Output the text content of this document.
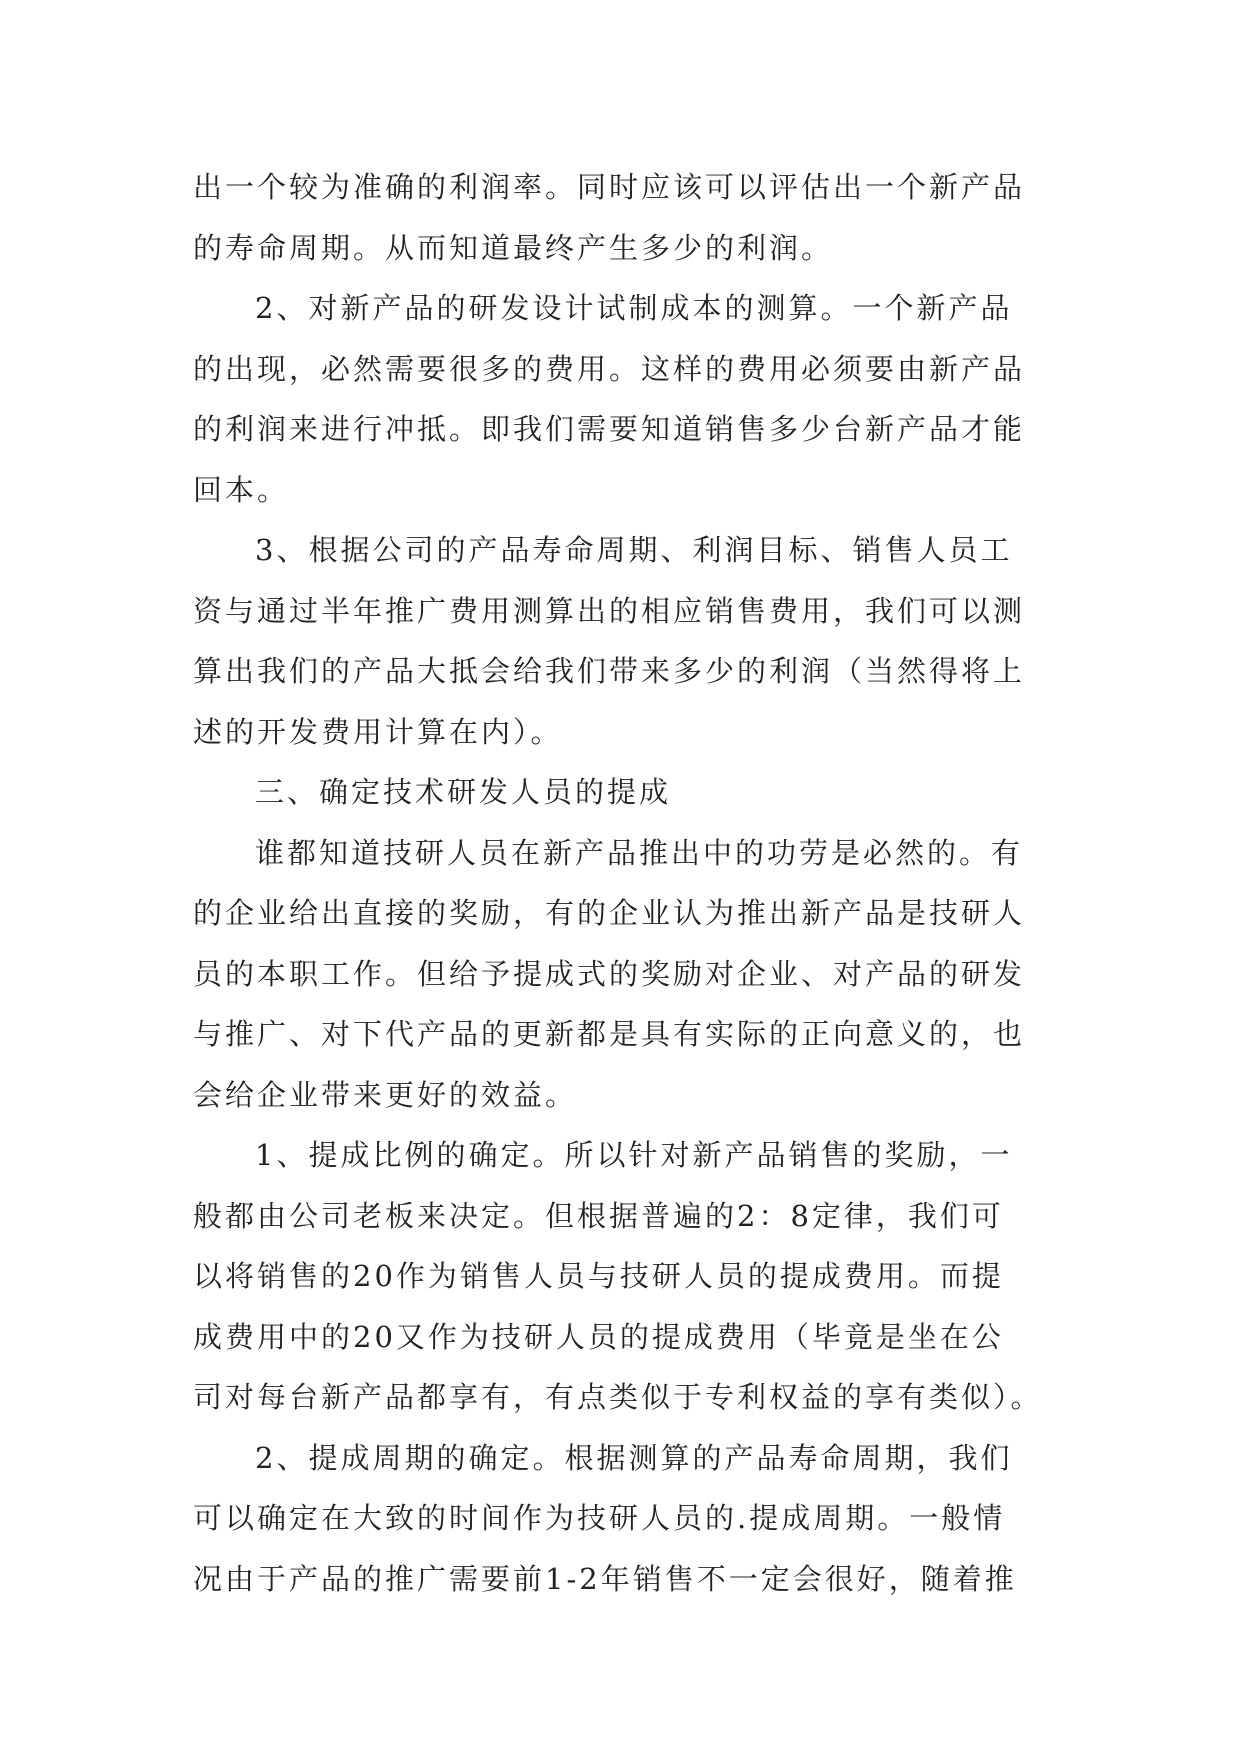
出一个较为准确的利润率。同时应该可以评估出一个新产品
的寿命周期。从而知道最终产生多少的利润。
2、对新产品的研发设计试制成本的测算。一个新产品
的出现，必然需要很多的费用。这样的费用必须要由新产品
的利润来进行冲抵。即我们需要知道销售多少台新产品才能
回本。
3、根据公司的产品寿命周期、利润目标、销售人员工
资与通过半年推广费用测算出的相应销售费用，我们可以测
算出我们的产品大抵会给我们带来多少的利润（当然得将上
述的开发费用计算在内）。
三、确定技术研发人员的提成
谁都知道技研人员在新产品推出中的功劳是必然的。有
的企业给出直接的奖励，有的企业认为推出新产品是技研人
员的本职工作。但给予提成式的奖励对企业、对产品的研发
与推广、对下代产品的更新都是具有实际的正向意义的，也
会给企业带来更好的效益。
1、提成比例的确定。所以针对新产品销售的奖励，一
般都由公司老板来决定。但根据普遍的2：8定律，我们可
以将销售的20作为销售人员与技研人员的提成费用。而提
成费用中的20又作为技研人员的提成费用（毕竟是坐在公
司对每台新产品都享有，有点类似于专利权益的享有类似）。
2、提成周期的确定。根据测算的产品寿命周期，我们
可以确定在大致的时间作为技研人员的.提成周期。一般情
况由于产品的推广需要前1-2年销售不一定会很好，随着推
